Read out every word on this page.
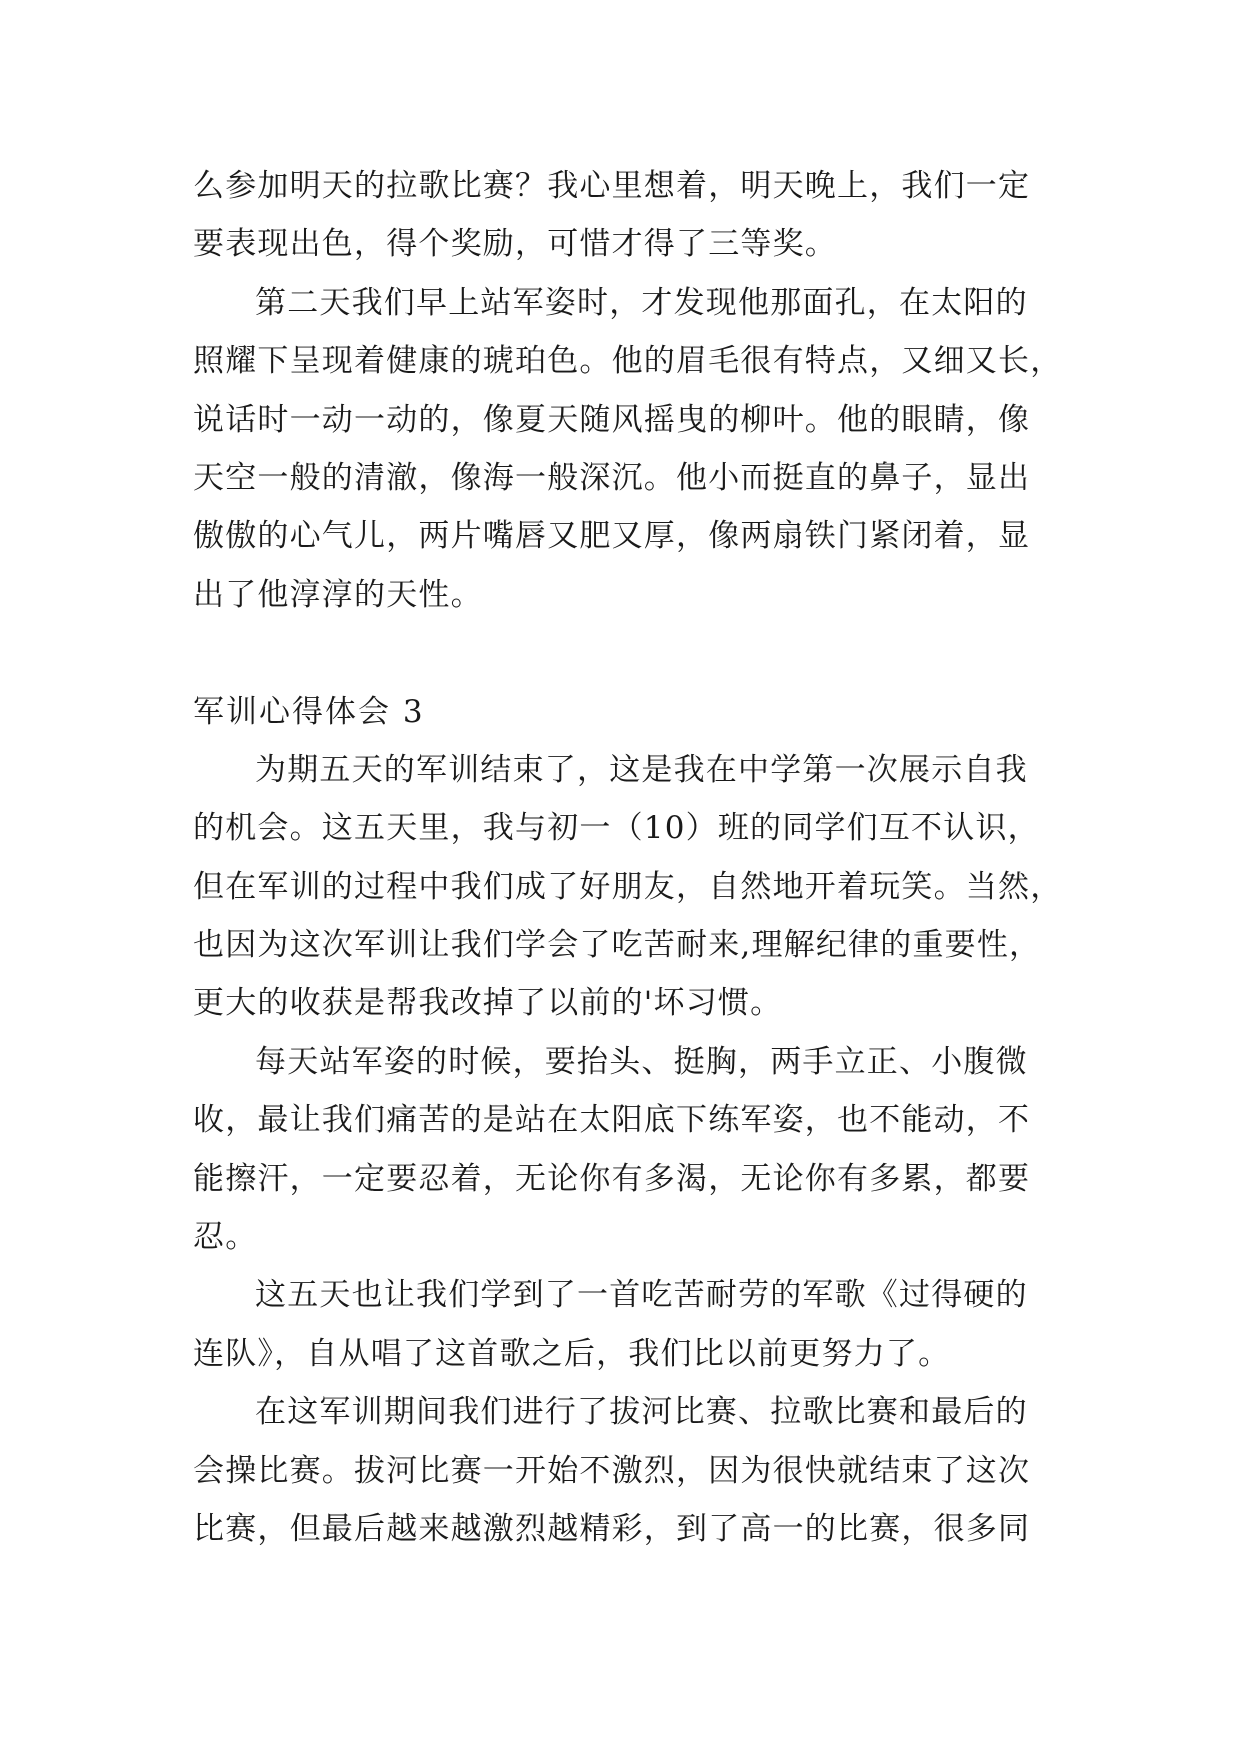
么参加明天的拉歌比赛？我心里想着，明天晚上，我们一定
要表现出色，得个奖励，可惜才得了三等奖。
第二天我们早上站军姿时，才发现他那面孔，在太阳的
照耀下呈现着健康的琥珀色。他的眉毛很有特点，又细又长，
说话时一动一动的，像夏天随风摇曳的柳叶。他的眼睛，像
天空一般的清澈，像海一般深沉。他小而挺直的鼻子，显出
傲傲的心气儿，两片嘴唇又肥又厚，像两扇铁门紧闭着，显
出了他淳淳的天性。
军训心得体会 3
为期五天的军训结束了，这是我在中学第一次展示自我
的机会。这五天里，我与初一（10）班的同学们互不认识，
但在军训的过程中我们成了好朋友，自然地开着玩笑。当然，
也因为这次军训让我们学会了吃苦耐来,理解纪律的重要性，
更大的收获是帮我改掉了以前的'坏习惯。
每天站军姿的时候，要抬头、挺胸，两手立正、小腹微
收，最让我们痛苦的是站在太阳底下练军姿，也不能动，不
能擦汗，一定要忍着，无论你有多渴，无论你有多累，都要
忍。
这五天也让我们学到了一首吃苦耐劳的军歌《过得硬的
连队》，自从唱了这首歌之后，我们比以前更努力了。
在这军训期间我们进行了拔河比赛、拉歌比赛和最后的
会操比赛。拔河比赛一开始不激烈，因为很快就结束了这次
比赛，但最后越来越激烈越精彩，到了高一的比赛，很多同
